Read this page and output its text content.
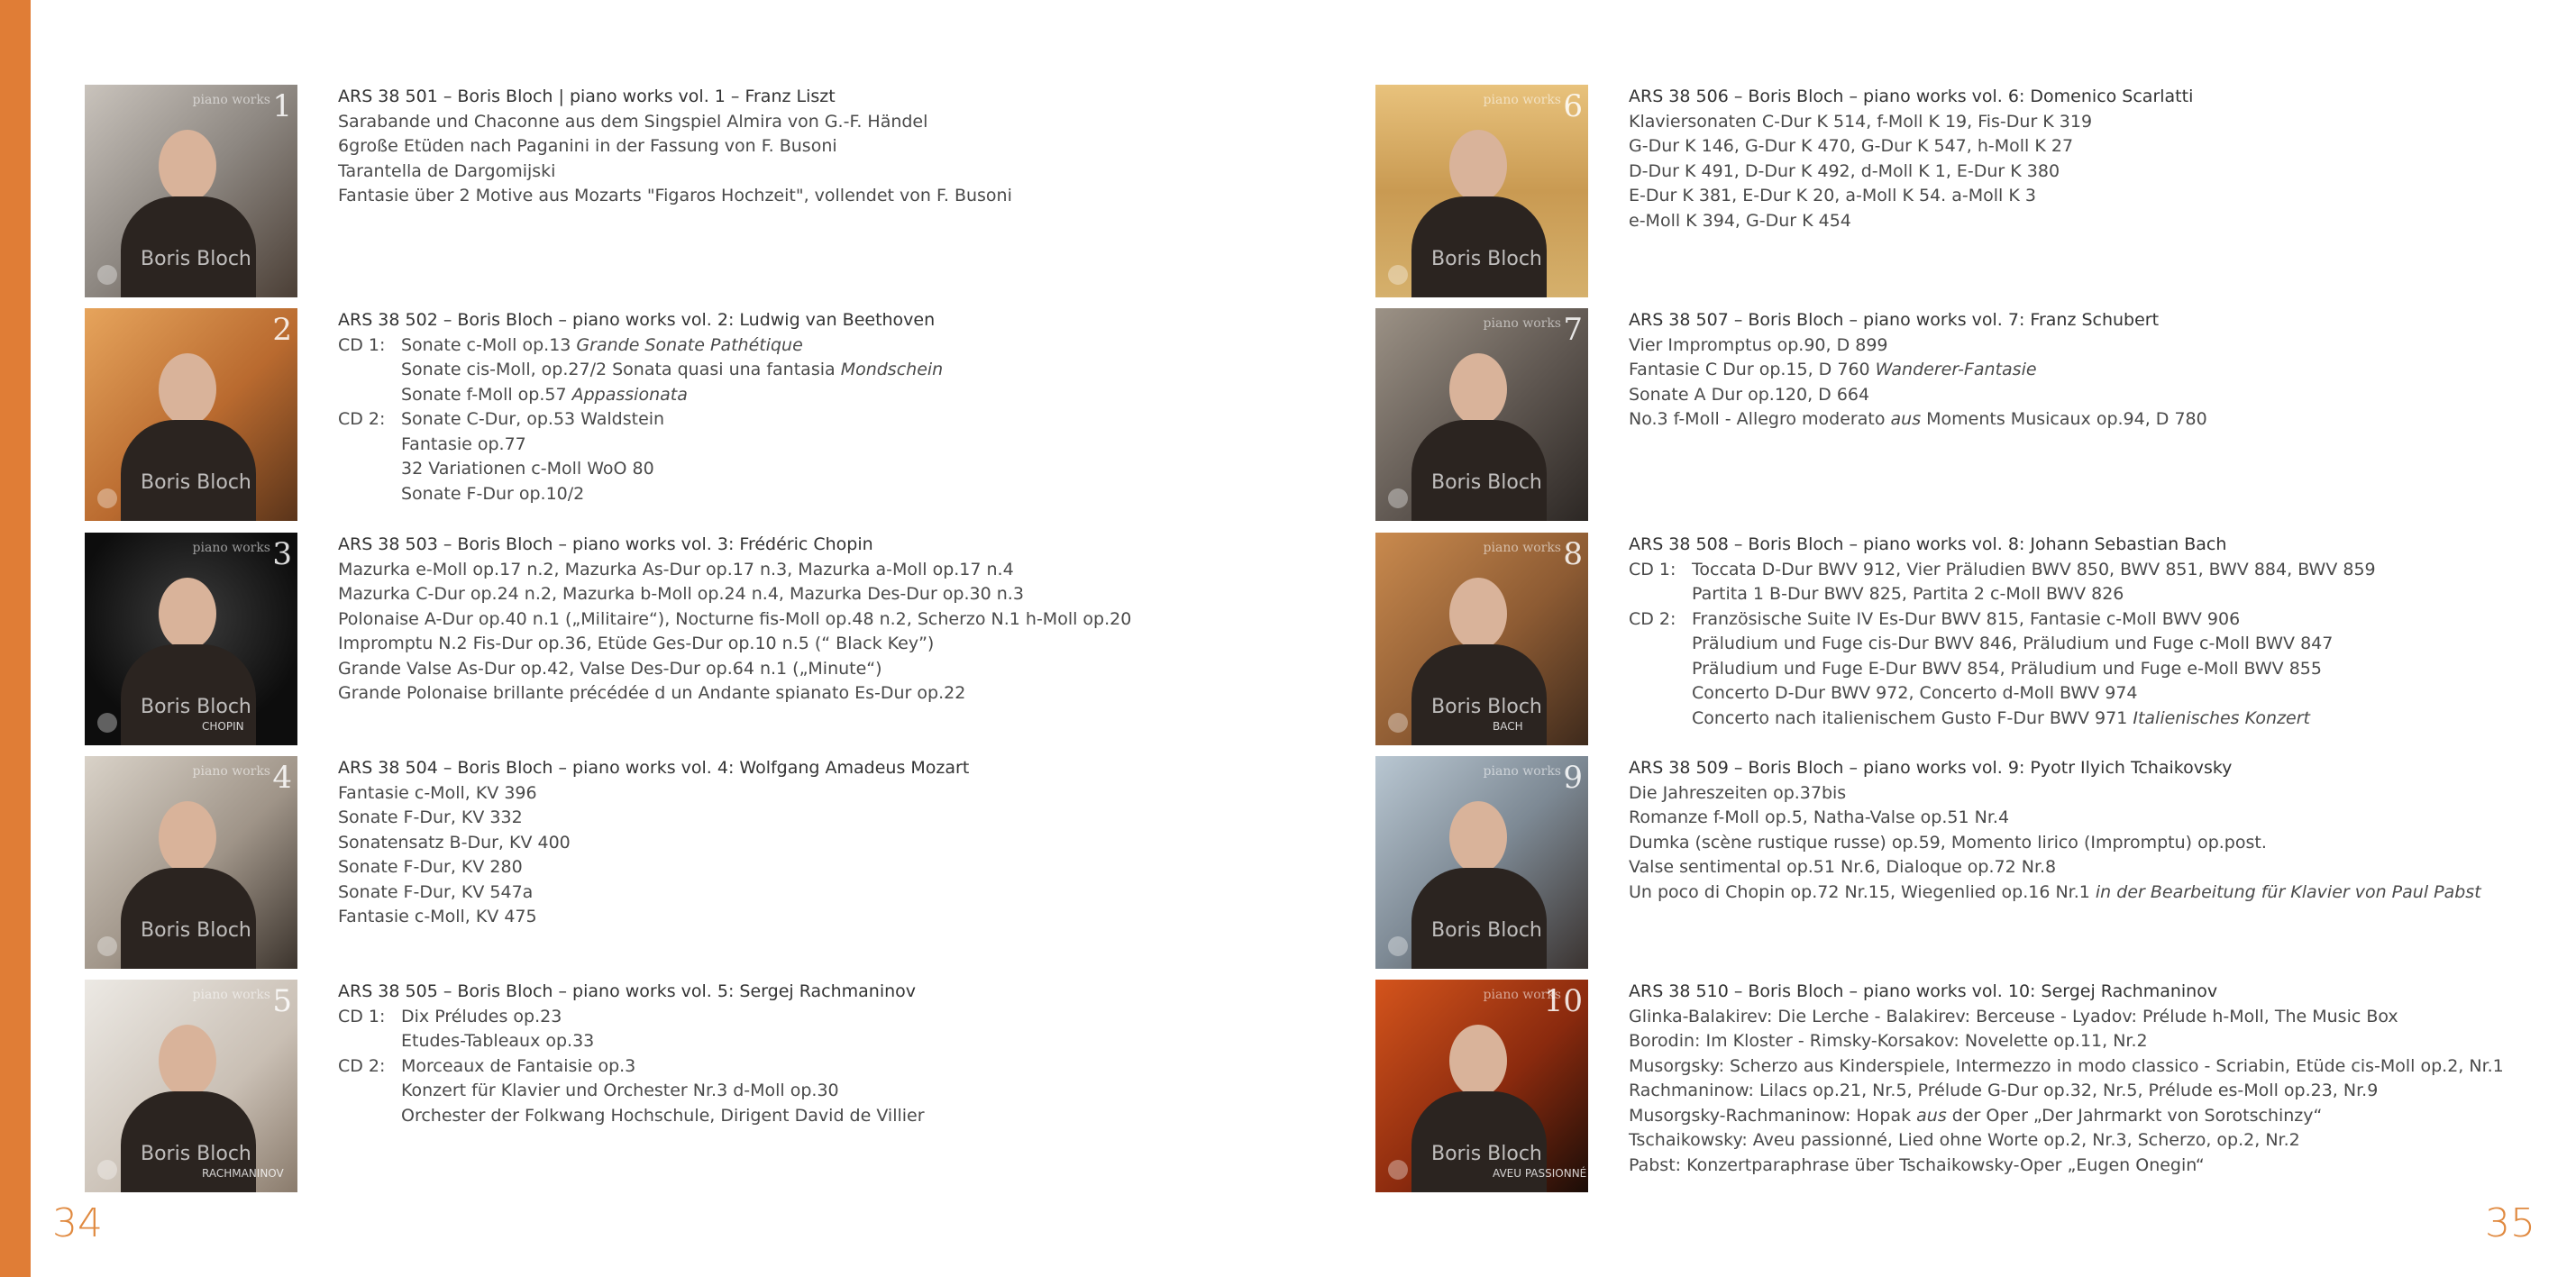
1
piano works
Boris Bloch
ARS 38 501 – Boris Bloch | piano works vol. 1 – Franz Liszt
Sarabande und Chaconne aus dem Singspiel Almira von G.-F. Händel
6große Etüden nach Paganini in der Fassung von F. Busoni
Tarantella de Dargomijski
Fantasie über 2 Motive aus Mozarts "Figaros Hochzeit", vollendet von F. Busoni
2
Boris Bloch
ARS 38 502 – Boris Bloch – piano works vol. 2: Ludwig van Beethoven
CD 1: Sonate c-Moll op.13 Grande Sonate Pathétique
Sonate cis-Moll, op.27/2 Sonata quasi una fantasia Mondschein
Sonate f-Moll op.57 Appassionata
CD 2: Sonate C-Dur, op.53 Waldstein
Fantasie op.77
32 Variationen c-Moll WoO 80
Sonate F-Dur op.10/2
3
piano works
Boris Bloch
CHOPIN
ARS 38 503 – Boris Bloch – piano works vol. 3: Frédéric Chopin
Mazurka e-Moll op.17 n.2, Mazurka As-Dur op.17 n.3, Mazurka a-Moll op.17 n.4
Mazurka C-Dur op.24 n.2, Mazurka b-Moll op.24 n.4, Mazurka Des-Dur op.30 n.3
Polonaise A-Dur op.40 n.1 („Militaire“), Nocturne fis-Moll op.48 n.2, Scherzo N.1 h-Moll op.20
Impromptu N.2 Fis-Dur op.36, Etüde Ges-Dur op.10 n.5 (“ Black Key”)
Grande Valse As-Dur op.42, Valse Des-Dur op.64 n.1 („Minute“)
Grande Polonaise brillante précédée d un Andante spianato Es-Dur op.22
4
piano works
Boris Bloch
ARS 38 504 – Boris Bloch – piano works vol. 4: Wolfgang Amadeus Mozart
Fantasie c-Moll, KV 396
Sonate F-Dur, KV 332
Sonatensatz B-Dur, KV 400
Sonate F-Dur, KV 280
Sonate F-Dur, KV 547a
Fantasie c-Moll, KV 475
5
piano works
Boris Bloch
RACHMANINOV
ARS 38 505 – Boris Bloch – piano works vol. 5: Sergej Rachmaninov
CD 1: Dix Préludes op.23
Etudes-Tableaux op.33
CD 2: Morceaux de Fantaisie op.3
Konzert für Klavier und Orchester Nr.3 d-Moll op.30
Orchester der Folkwang Hochschule, Dirigent David de Villier
6
piano works
Boris Bloch
ARS 38 506 – Boris Bloch – piano works vol. 6: Domenico Scarlatti
Klaviersonaten C-Dur K 514, f-Moll K 19, Fis-Dur K 319
G-Dur K 146, G-Dur K 470, G-Dur K 547, h-Moll K 27
D-Dur K 491, D-Dur K 492, d-Moll K 1, E-Dur K 380
E-Dur K 381, E-Dur K 20, a-Moll K 54. a-Moll K 3
e-Moll K 394, G-Dur K 454
7
piano works
Boris Bloch
ARS 38 507 – Boris Bloch – piano works vol. 7: Franz Schubert
Vier Impromptus op.90, D 899
Fantasie C Dur op.15, D 760 Wanderer-Fantasie
Sonate A Dur op.120, D 664
No.3 f-Moll - Allegro moderato aus Moments Musicaux op.94, D 780
8
piano works
Boris Bloch
BACH
ARS 38 508 – Boris Bloch – piano works vol. 8: Johann Sebastian Bach
CD 1: Toccata D-Dur BWV 912, Vier Präludien BWV 850, BWV 851, BWV 884, BWV 859
Partita 1 B-Dur BWV 825, Partita 2 c-Moll BWV 826
CD 2: Französische Suite IV Es-Dur BWV 815, Fantasie c-Moll BWV 906
Präludium und Fuge cis-Dur BWV 846, Präludium und Fuge c-Moll BWV 847
Präludium und Fuge E-Dur BWV 854, Präludium und Fuge e-Moll BWV 855
Concerto D-Dur BWV 972, Concerto d-Moll BWV 974
Concerto nach italienischem Gusto F-Dur BWV 971 Italienisches Konzert
9
piano works
Boris Bloch
ARS 38 509 – Boris Bloch – piano works vol. 9: Pyotr Ilyich Tchaikovsky
Die Jahreszeiten op.37bis
Romanze f-Moll op.5, Natha-Valse op.51 Nr.4
Dumka (scène rustique russe) op.59, Momento lirico (Impromptu) op.post.
Valse sentimental op.51 Nr.6, Dialoque op.72 Nr.8
Un poco di Chopin op.72 Nr.15, Wiegenlied op.16 Nr.1 in der Bearbeitung für Klavier von Paul Pabst
10
piano works
Boris Bloch
AVEU PASSIONNÉ
ARS 38 510 – Boris Bloch – piano works vol. 10: Sergej Rachmaninov
Glinka-Balakirev: Die Lerche - Balakirev: Berceuse - Lyadov: Prélude h-Moll, The Music Box
Borodin: Im Kloster - Rimsky-Korsakov: Novelette op.11, Nr.2
Musorgsky: Scherzo aus Kinderspiele, Intermezzo in modo classico - Scriabin, Etüde cis-Moll op.2, Nr.1
Rachmaninow: Lilacs op.21, Nr.5, Prélude G-Dur op.32, Nr.5, Prélude es-Moll op.23, Nr.9
Musorgsky-Rachmaninow: Hopak aus der Oper „Der Jahrmarkt von Sorotschinzy“
Tschaikowsky: Aveu passionné, Lied ohne Worte op.2, Nr.3, Scherzo, op.2, Nr.2
Pabst: Konzertparaphrase über Tschaikowsky-Oper „Eugen Onegin“
34	35
